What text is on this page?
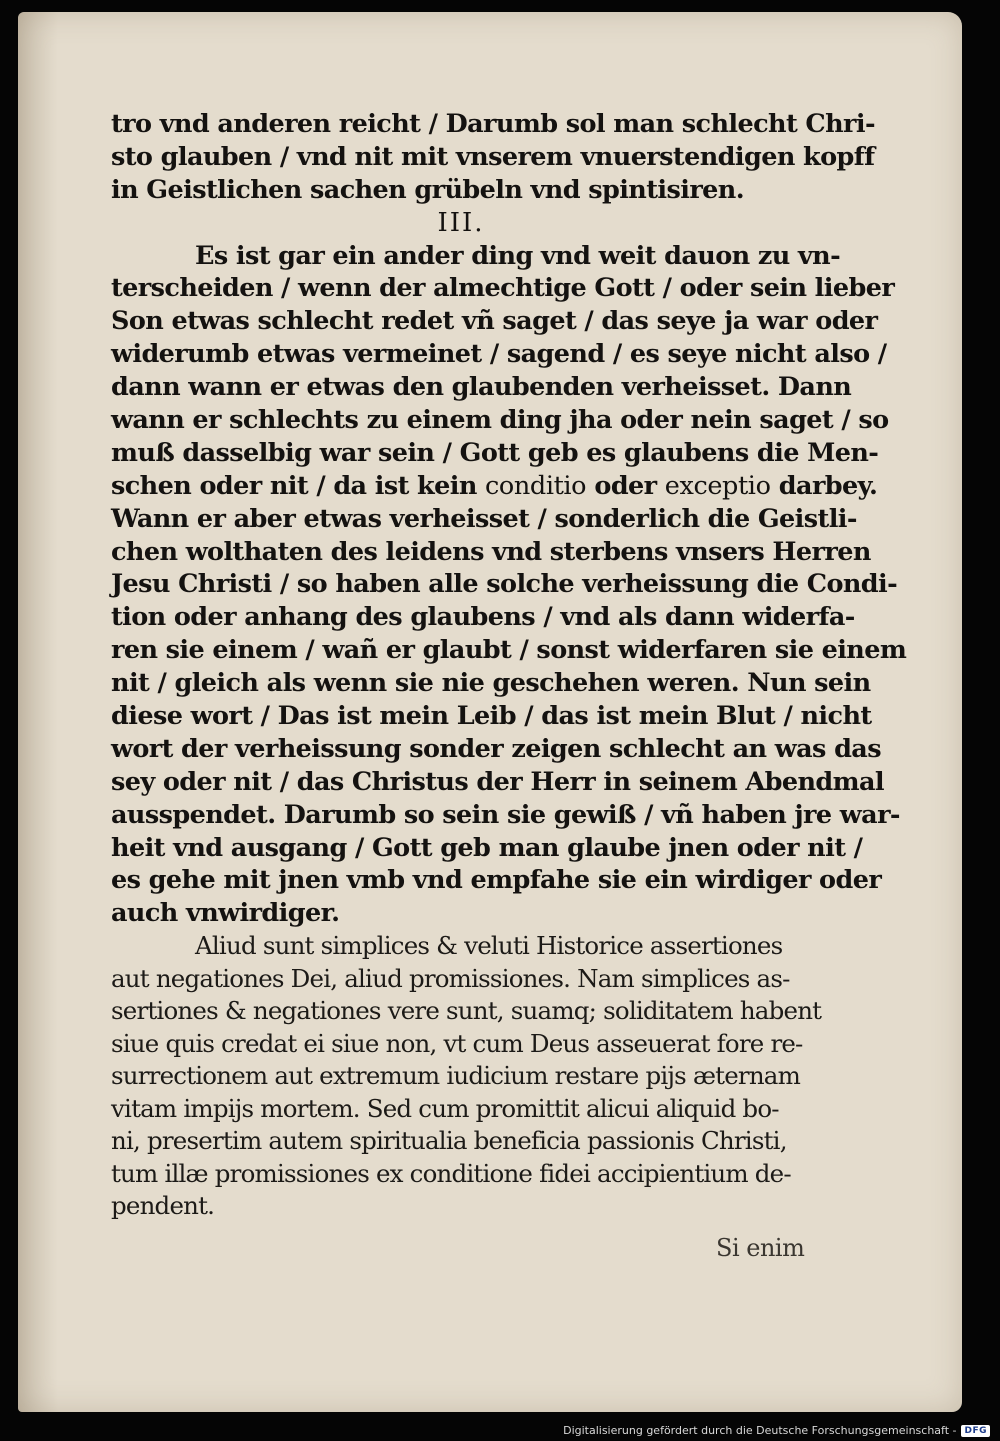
tro vnd anderen reicht / Darumb sol man schlecht Chri-
sto glauben / vnd nit mit vnserem vnuerstendigen kopff
in Geistlichen sachen grübeln vnd spintisiren.
III.
Es ist gar ein ander ding vnd weit dauon zu vn-
terscheiden / wenn der almechtige Gott / oder sein lieber
Son etwas schlecht redet vñ saget / das seye ja war oder
widerumb etwas vermeinet / sagend / es seye nicht also /
dann wann er etwas den glaubenden verheisset. Dann
wann er schlechts zu einem ding jha oder nein saget / so
muß dasselbig war sein / Gott geb es glaubens die Men-
schen oder nit / da ist kein conditio oder exceptio darbey.
Wann er aber etwas verheisset / sonderlich die Geistli-
chen wolthaten des leidens vnd sterbens vnsers Herren
Jesu Christi / so haben alle solche verheissung die Condi-
tion oder anhang des glaubens / vnd als dann widerfa-
ren sie einem / wañ er glaubt / sonst widerfaren sie einem
nit / gleich als wenn sie nie geschehen weren. Nun sein
diese wort / Das ist mein Leib / das ist mein Blut / nicht
wort der verheissung sonder zeigen schlecht an was das
sey oder nit / das Christus der Herr in seinem Abendmal
ausspendet. Darumb so sein sie gewiß / vñ haben jre war-
heit vnd ausgang / Gott geb man glaube jnen oder nit /
es gehe mit jnen vmb vnd empfahe sie ein wirdiger oder
auch vnwirdiger.
Aliud sunt simplices & veluti Historice assertiones
aut negationes Dei, aliud promissiones. Nam simplices as-
sertiones & negationes vere sunt, suamq; soliditatem habent
siue quis credat ei siue non, vt cum Deus asseuerat fore re-
surrectionem aut extremum iudicium restare pijs æternam
vitam impijs mortem. Sed cum promittit alicui aliquid bo-
ni, presertim autem spiritualia beneficia passionis Christi,
tum illæ promissiones ex conditione fidei accipientium de-
pendent.
Si enim
Digitalisierung gefördert durch die Deutsche Forschungsgemeinschaft - DFG
